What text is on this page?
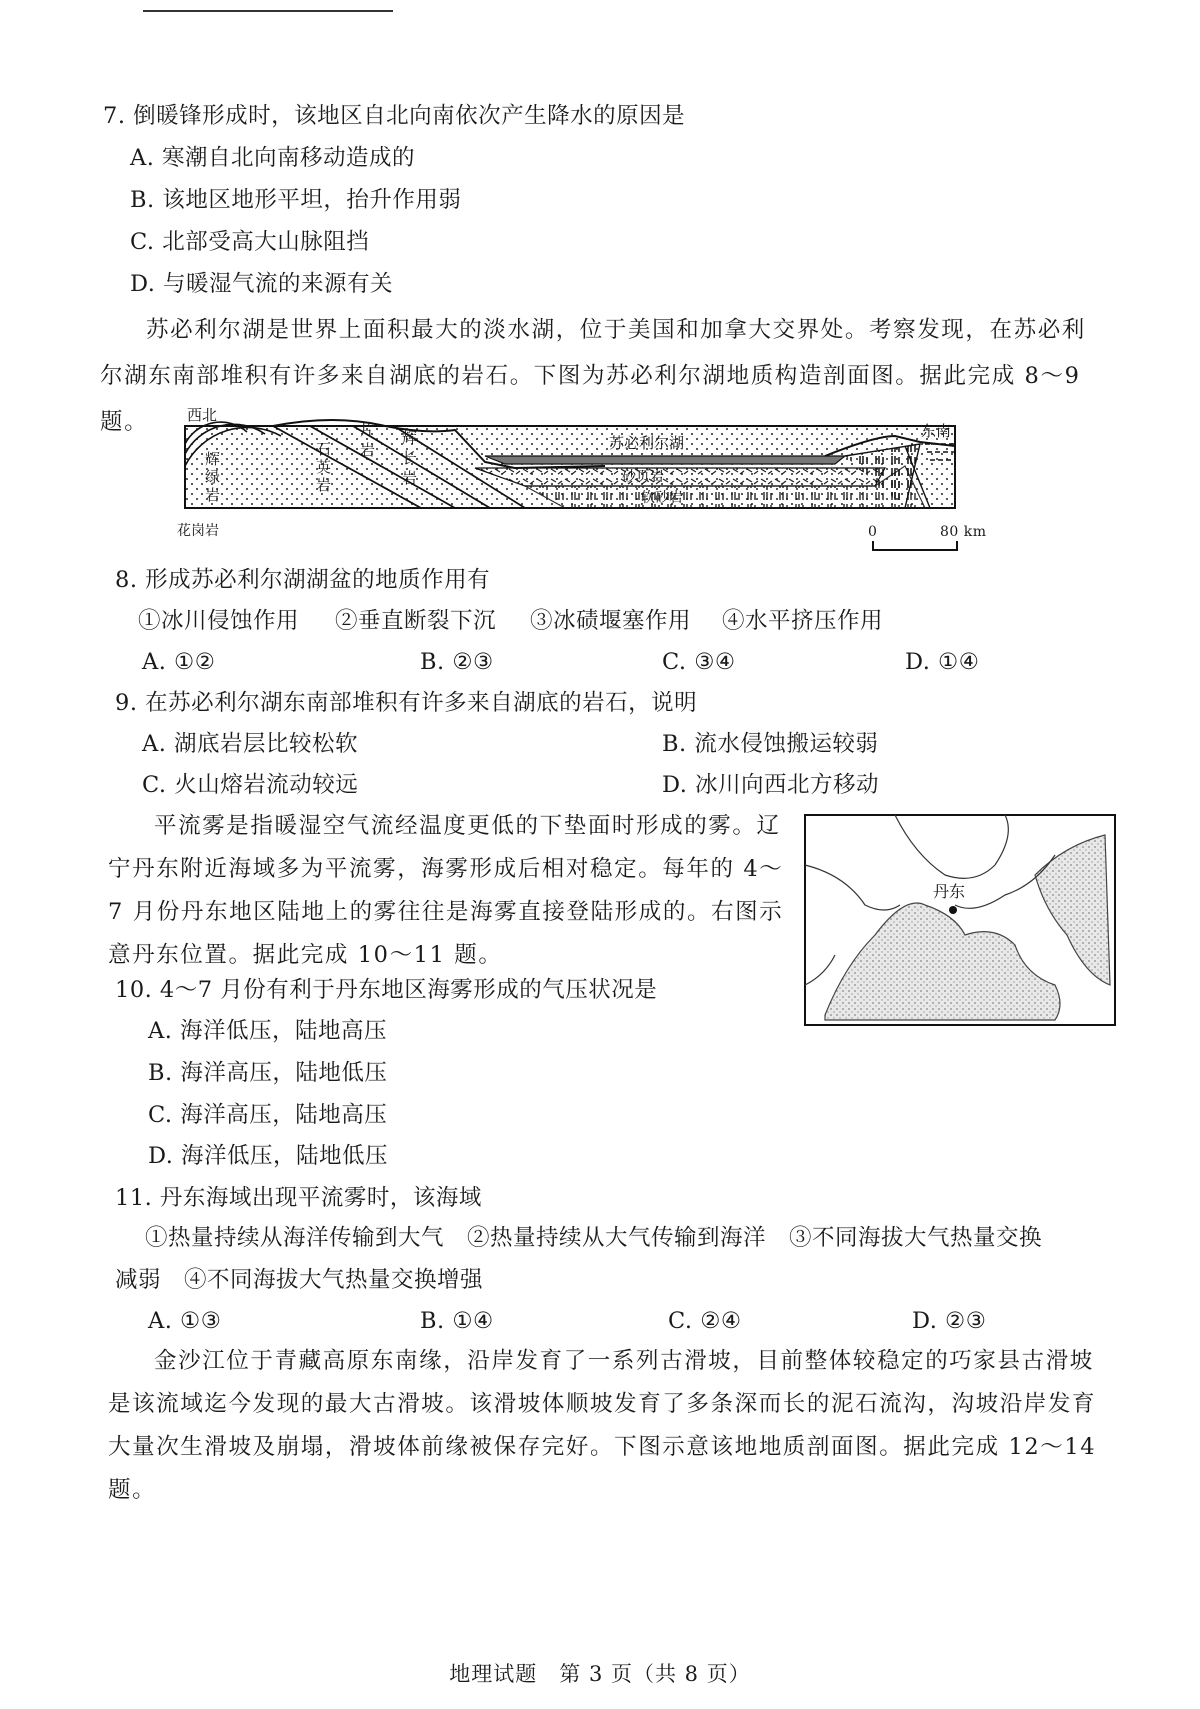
7. 倒暖锋形成时，该地区自北向南依次产生降水的原因是
A. 寒潮自北向南移动造成的
B. 该地区地形平坦，抬升作用弱
C. 北部受高大山脉阻挡
D. 与暖湿气流的来源有关
苏必利尔湖是世界上面积最大的淡水湖，位于美国和加拿大交界处。考察发现，在苏必利尔湖东南部堆积有许多来自湖底的岩石。下图为苏必利尔湖地质构造剖面图。据此完成 8～9 题。	西北
东南
苏必利尔湖
砂页岩
软砂岩
花岗岩
辉绿岩
石英岩
片岩
辉长岩
0	80 km
8. 形成苏必利尔湖湖盆的地质作用有
①冰川侵蚀作用 ②垂直断裂下沉 ③冰碛堰塞作用 ④水平挤压作用
A. ①②	B. ②③	C. ③④	D. ①④
9. 在苏必利尔湖东南部堆积有许多来自湖底的岩石，说明
A. 湖底岩层比较松软	B. 流水侵蚀搬运较弱
C. 火山熔岩流动较远	D. 冰川向西北方移动
平流雾是指暖湿空气流经温度更低的下垫面时形成的雾。辽宁丹东附近海域多为平流雾，海雾形成后相对稳定。每年的 4～7 月份丹东地区陆地上的雾往往是海雾直接登陆形成的。右图示意丹东位置。据此完成 10～11 题。
丹东
10. 4～7 月份有利于丹东地区海雾形成的气压状况是
A. 海洋低压，陆地高压
B. 海洋高压，陆地低压
C. 海洋高压，陆地高压
D. 海洋低压，陆地低压
11. 丹东海域出现平流雾时，该海域
①热量持续从海洋传输到大气　②热量持续从大气传输到海洋　③不同海拔大气热量交换
减弱　④不同海拔大气热量交换增强
A. ①③	B. ①④	C. ②④	D. ②③
金沙江位于青藏高原东南缘，沿岸发育了一系列古滑坡，目前整体较稳定的巧家县古滑坡是该流域迄今发现的最大古滑坡。该滑坡体顺坡发育了多条深而长的泥石流沟，沟坡沿岸发育大量次生滑坡及崩塌，滑坡体前缘被保存完好。下图示意该地地质剖面图。据此完成 12～14 题。
地理试题　第 3 页（共 8 页）
